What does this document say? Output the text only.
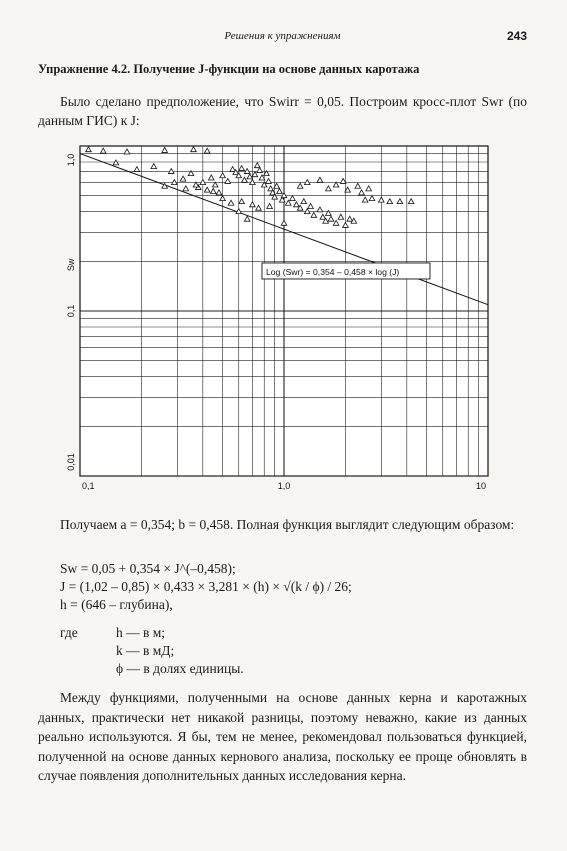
Решения к упражнениям	243
Упражнение 4.2. Получение J-функции на основе данных каротажа
Было сделано предположение, что Swirr = 0,05. Построим кросс-плот Swr (по данным ГИС) к J:
0,1	1,0	10
0,01
0,1
1,0
Sw
Log (Swr) = 0,354 – 0,458 × log (J)
Получаем a = 0,354; b = 0,458. Полная функция выглядит следующим образом:
Sw = 0,05 + 0,354 × J^(–0,458);
J = (1,02 – 0,85) × 0,433 × 3,281 × (h) × √(k / ϕ) / 26;
h = (646 – глубина),
где	h — в м;
k — в мД;
ϕ — в долях единицы.
Между функциями, полученными на основе данных керна и каротажных данных, практически нет никакой разницы, поэтому неважно, какие из данных реально используются. Я бы, тем не менее, рекомендовал пользоваться функцией, полученной на основе данных кернового анализа, поскольку ее проще обновлять в случае появления дополнительных данных исследования керна.
